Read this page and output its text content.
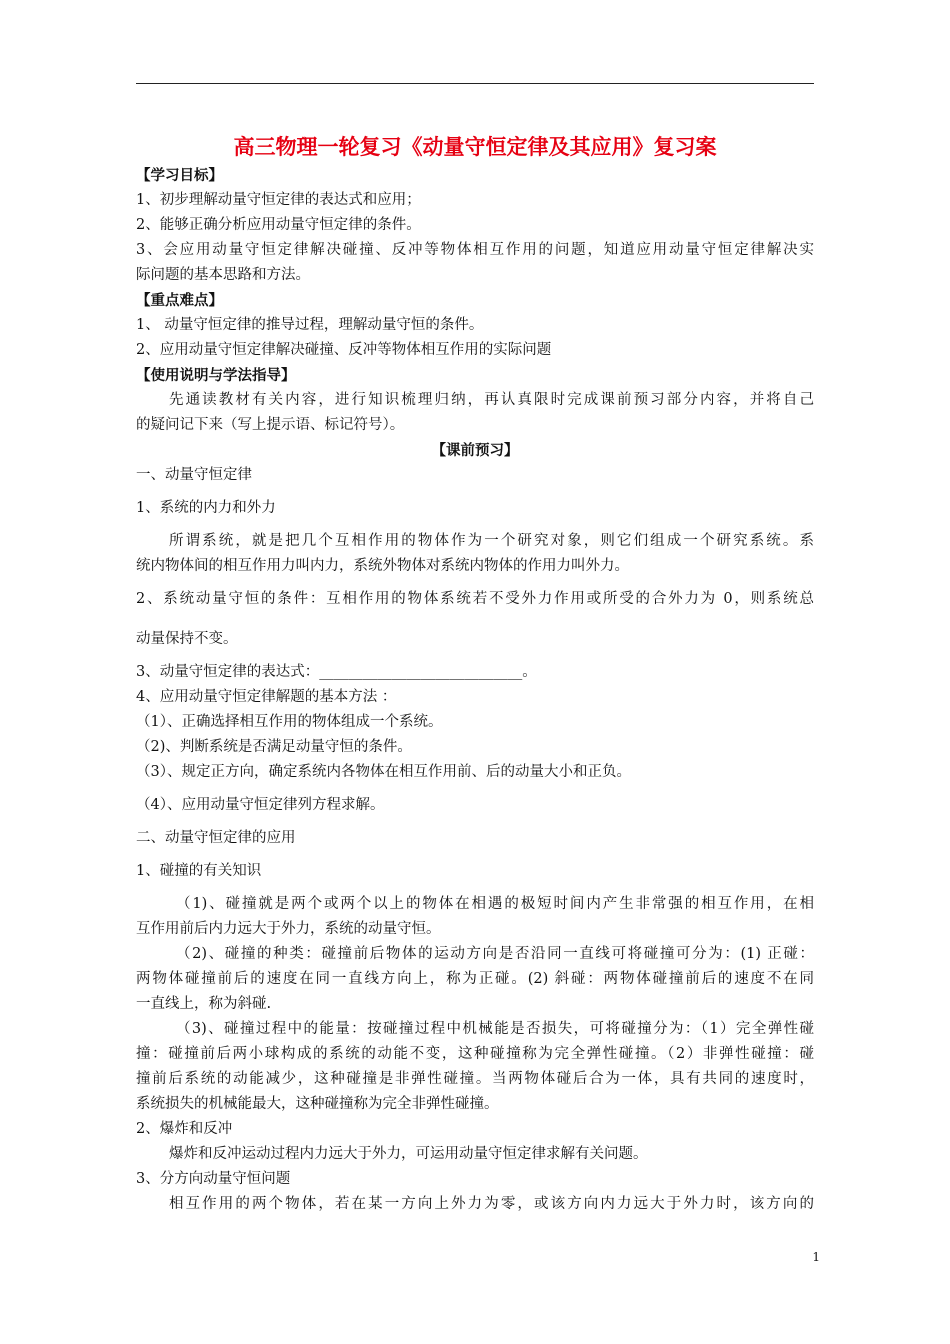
高三物理一轮复习《动量守恒定律及其应用》复习案
【学习目标】
1、初步理解动量守恒定律的表达式和应用；
2、能够正确分析应用动量守恒定律的条件。
3、会应用动量守恒定律解决碰撞、反冲等物体相互作用的问题，知道应用动量守恒定律解决实
际问题的基本思路和方法。
【重点难点】
1、 动量守恒定律的推导过程，理解动量守恒的条件。
2、应用动量守恒定律解决碰撞、反冲等物体相互作用的实际问题
【使用说明与学法指导】
先通读教材有关内容，进行知识梳理归纳，再认真限时完成课前预习部分内容，并将自己
的疑问记下来（写上提示语、标记符号）。
【课前预习】
一、动量守恒定律
1、系统的内力和外力
所谓系统，就是把几个互相作用的物体作为一个研究对象，则它们组成一个研究系统。系
统内物体间的相互作用力叫内力，系统外物体对系统内物体的作用力叫外力。
2、系统动量守恒的条件：互相作用的物体系统若不受外力作用或所受的合外力为 0，则系统总
动量保持不变。
3、动量守恒定律的表达式：____________________________。
4、应用动量守恒定律解题的基本方法 ：
（1）、正确选择相互作用的物体组成一个系统。
（2)、判断系统是否满足动量守恒的条件。
（3）、规定正方向，确定系统内各物体在相互作用前、后的动量大小和正负。
（4）、应用动量守恒定律列方程求解。
二、动量守恒定律的应用
1、碰撞的有关知识
（1)、碰撞就是两个或两个以上的物体在相遇的极短时间内产生非常强的相互作用，在相
互作用前后内力远大于外力，系统的动量守恒。
（2)、碰撞的种类：碰撞前后物体的运动方向是否沿同一直线可将碰撞可分为：(1) 正碰：
两物体碰撞前后的速度在同一直线方向上，称为正碰。(2) 斜碰：两物体碰撞前后的速度不在同
一直线上，称为斜碰.
（3)、碰撞过程中的能量：按碰撞过程中机械能是否损失，可将碰撞分为：（1）完全弹性碰
撞：碰撞前后两小球构成的系统的动能不变，这种碰撞称为完全弹性碰撞。（2）非弹性碰撞：碰
撞前后系统的动能减少，这种碰撞是非弹性碰撞。当两物体碰后合为一体，具有共同的速度时，
系统损失的机械能最大，这种碰撞称为完全非弹性碰撞。
2、爆炸和反冲
爆炸和反冲运动过程内力远大于外力，可运用动量守恒定律求解有关问题。
3、分方向动量守恒问题
相互作用的两个物体，若在某一方向上外力为零，或该方向内力远大于外力时，该方向的
1
